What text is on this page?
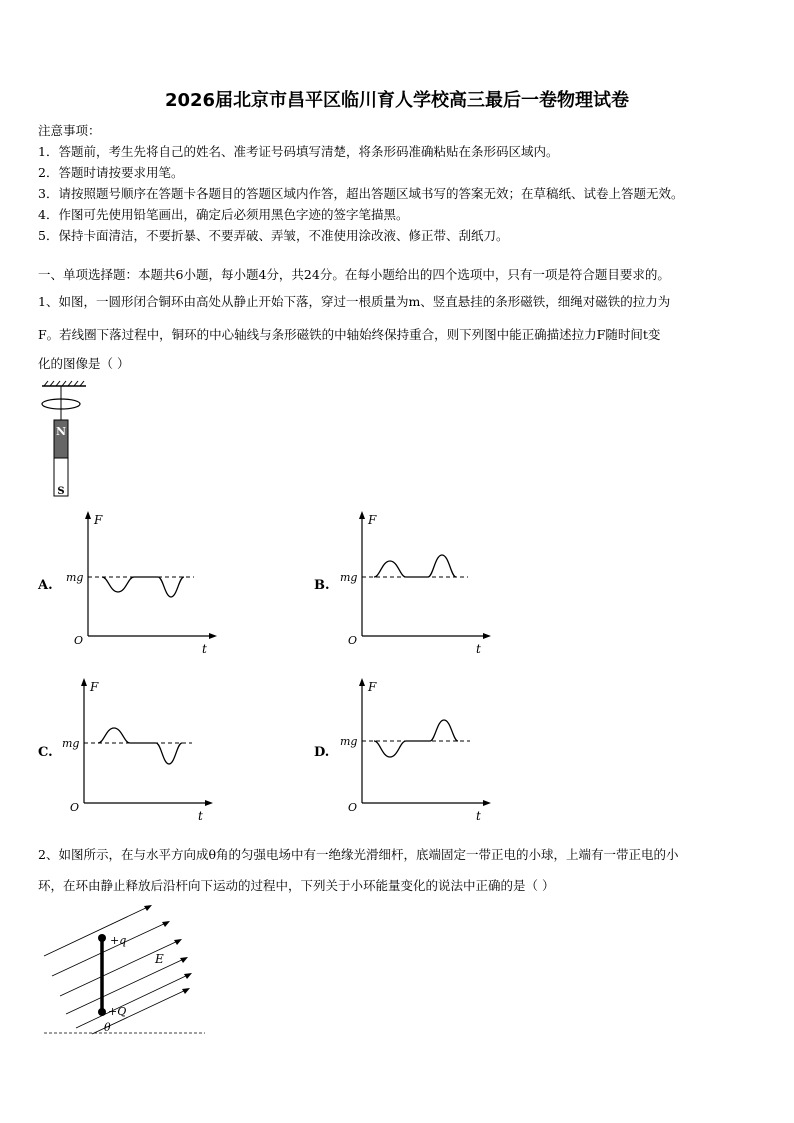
2026届北京市昌平区临川育人学校高三最后一卷物理试卷
注意事项：
1．答题前，考生先将自己的姓名、准考证号码填写清楚，将条形码准确粘贴在条形码区域内。
2．答题时请按要求用笔。
3．请按照题号顺序在答题卡各题目的答题区域内作答，超出答题区域书写的答案无效；在草稿纸、试卷上答题无效。
4．作图可先使用铅笔画出，确定后必须用黑色字迹的签字笔描黑。
5．保持卡面清洁，不要折暴、不要弄破、弄皱，不准使用涂改液、修正带、刮纸刀。
一、单项选择题：本题共6小题，每小题4分，共24分。在每小题给出的四个选项中，只有一项是符合题目要求的。
1、如图，一圆形闭合铜环由高处从静止开始下落，穿过一根质量为m、竖直悬挂的条形磁铁，细绳对磁铁的拉力为
F。若线圈下落过程中，铜环的中心轴线与条形磁铁的中轴始终保持重合，则下列图中能正确描述拉力F随时间t变
化的图像是（ ）
N
S
A.	B.
C.	D.
F
t
O
mg
F
t
O
mg
F
t
O
mg
F
t
O
mg
2、如图所示，在与水平方向成θ角的匀强电场中有一绝缘光滑细杆，底端固定一带正电的小球，上端有一带正电的小
环，在环由静止释放后沿杆向下运动的过程中，下列关于小环能量变化的说法中正确的是（ ）
+q
E
+Q
θ
